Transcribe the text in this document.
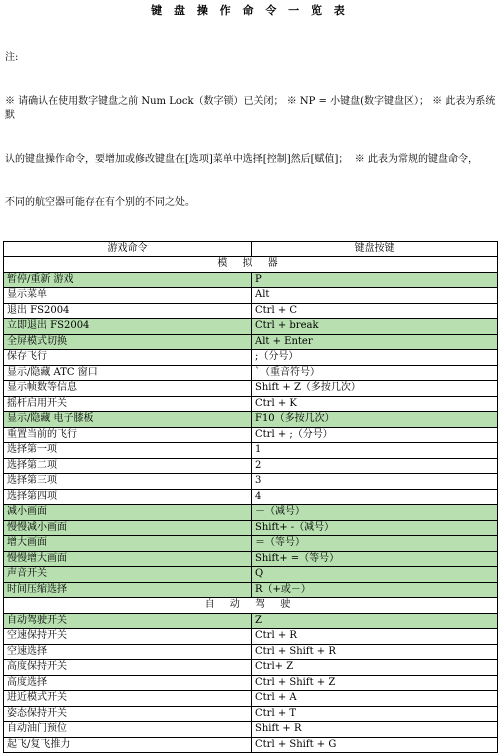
键 盘 操 作 命 令 一 览 表

注:

※ 请确认在使用数字键盘之前 Num Lock（数字锁）已关闭； ※ NP = 小键盘(数字键盘区）； ※ 此表为系统默

认的键盘操作命令，要增加或修改键盘在[选项]菜单中选择[控制]然后[赋值]；  ※ 此表为常规的键盘命令，

不同的航空器可能存在有个别的不同之处。

游戏命令	键盘按键
模 拟 器	
暂停/重新 游戏	P
显示菜单	Alt
退出 FS2004	Ctrl + C
立即退出 FS2004	Ctrl + break
全屏模式切换	Alt + Enter
保存飞行	;（分号）
显示/隐藏 ATC 窗口	`（重音符号）
显示帧数等信息	Shift + Z（多按几次）
摇杆启用开关	Ctrl + K
显示/隐藏 电子膝板	F10（多按几次）
重置当前的飞行	Ctrl + ;（分号）
选择第一项	1
选择第二项	2
选择第三项	3
选择第四项	4
减小画面	－（减号）
慢慢减小画面	Shift+ -（减号）
增大画面	＝（等号）
慢慢增大画面	Shift+ =（等号）
声音开关	Q
时间压缩选择	R（+或－）
自 动 驾 驶	
自动驾驶开关	Z
空速保持开关	Ctrl + R
空速选择	Ctrl + Shift + R
高度保持开关	Ctrl+ Z
高度选择	Ctrl + Shift + Z
进近模式开关	Ctrl + A
姿态保持开关	Ctrl + T
自动油门预位	Shift + R
起飞/复飞推力	Ctrl + Shift + G
